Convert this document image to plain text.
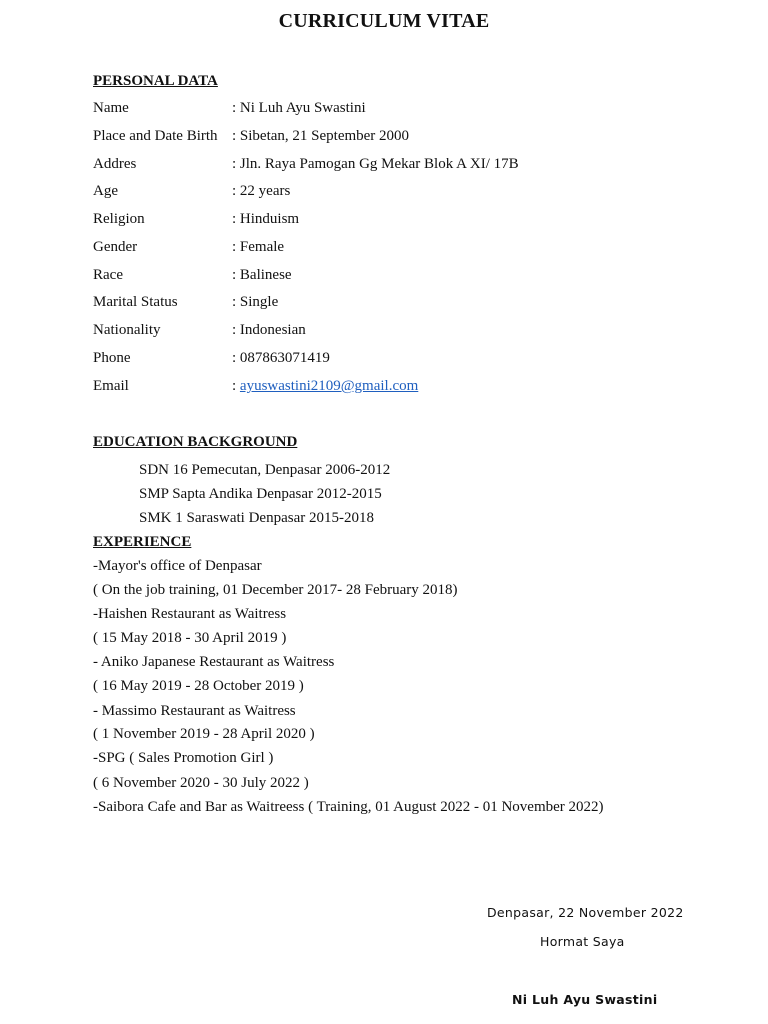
CURRICULUM VITAE
PERSONAL DATA
Name	: Ni Luh Ayu Swastini
Place and Date Birth : Sibetan, 21 September 2000
Addres	: Jln. Raya Pamogan Gg Mekar Blok A XI/ 17B
Age	: 22 years
Religion	: Hinduism
Gender	: Female
Race	: Balinese
Marital Status	: Single
Nationality	: Indonesian
Phone	: 087863071419
Email	: ayuswastini2109@gmail.com
EDUCATION BACKGROUND
SDN 16 Pemecutan, Denpasar 2006-2012
SMP Sapta Andika Denpasar 2012-2015
SMK 1 Saraswati Denpasar 2015-2018
EXPERIENCE
-Mayor's office of Denpasar
( On the job training, 01 December 2017- 28 February 2018)
-Haishen Restaurant as Waitress
( 15 May 2018 - 30 April 2019 )
- Aniko Japanese Restaurant as Waitress
( 16 May 2019 - 28 October 2019 )
- Massimo Restaurant as Waitress
( 1 November 2019 - 28 April 2020 )
-SPG ( Sales Promotion Girl )
( 6 November 2020 - 30 July 2022 )
-Saibora Cafe and Bar as Waitreess ( Training, 01 August 2022 - 01 November 2022)
Denpasar, 22 November 2022
Hormat Saya
Ni Luh Ayu Swastini
